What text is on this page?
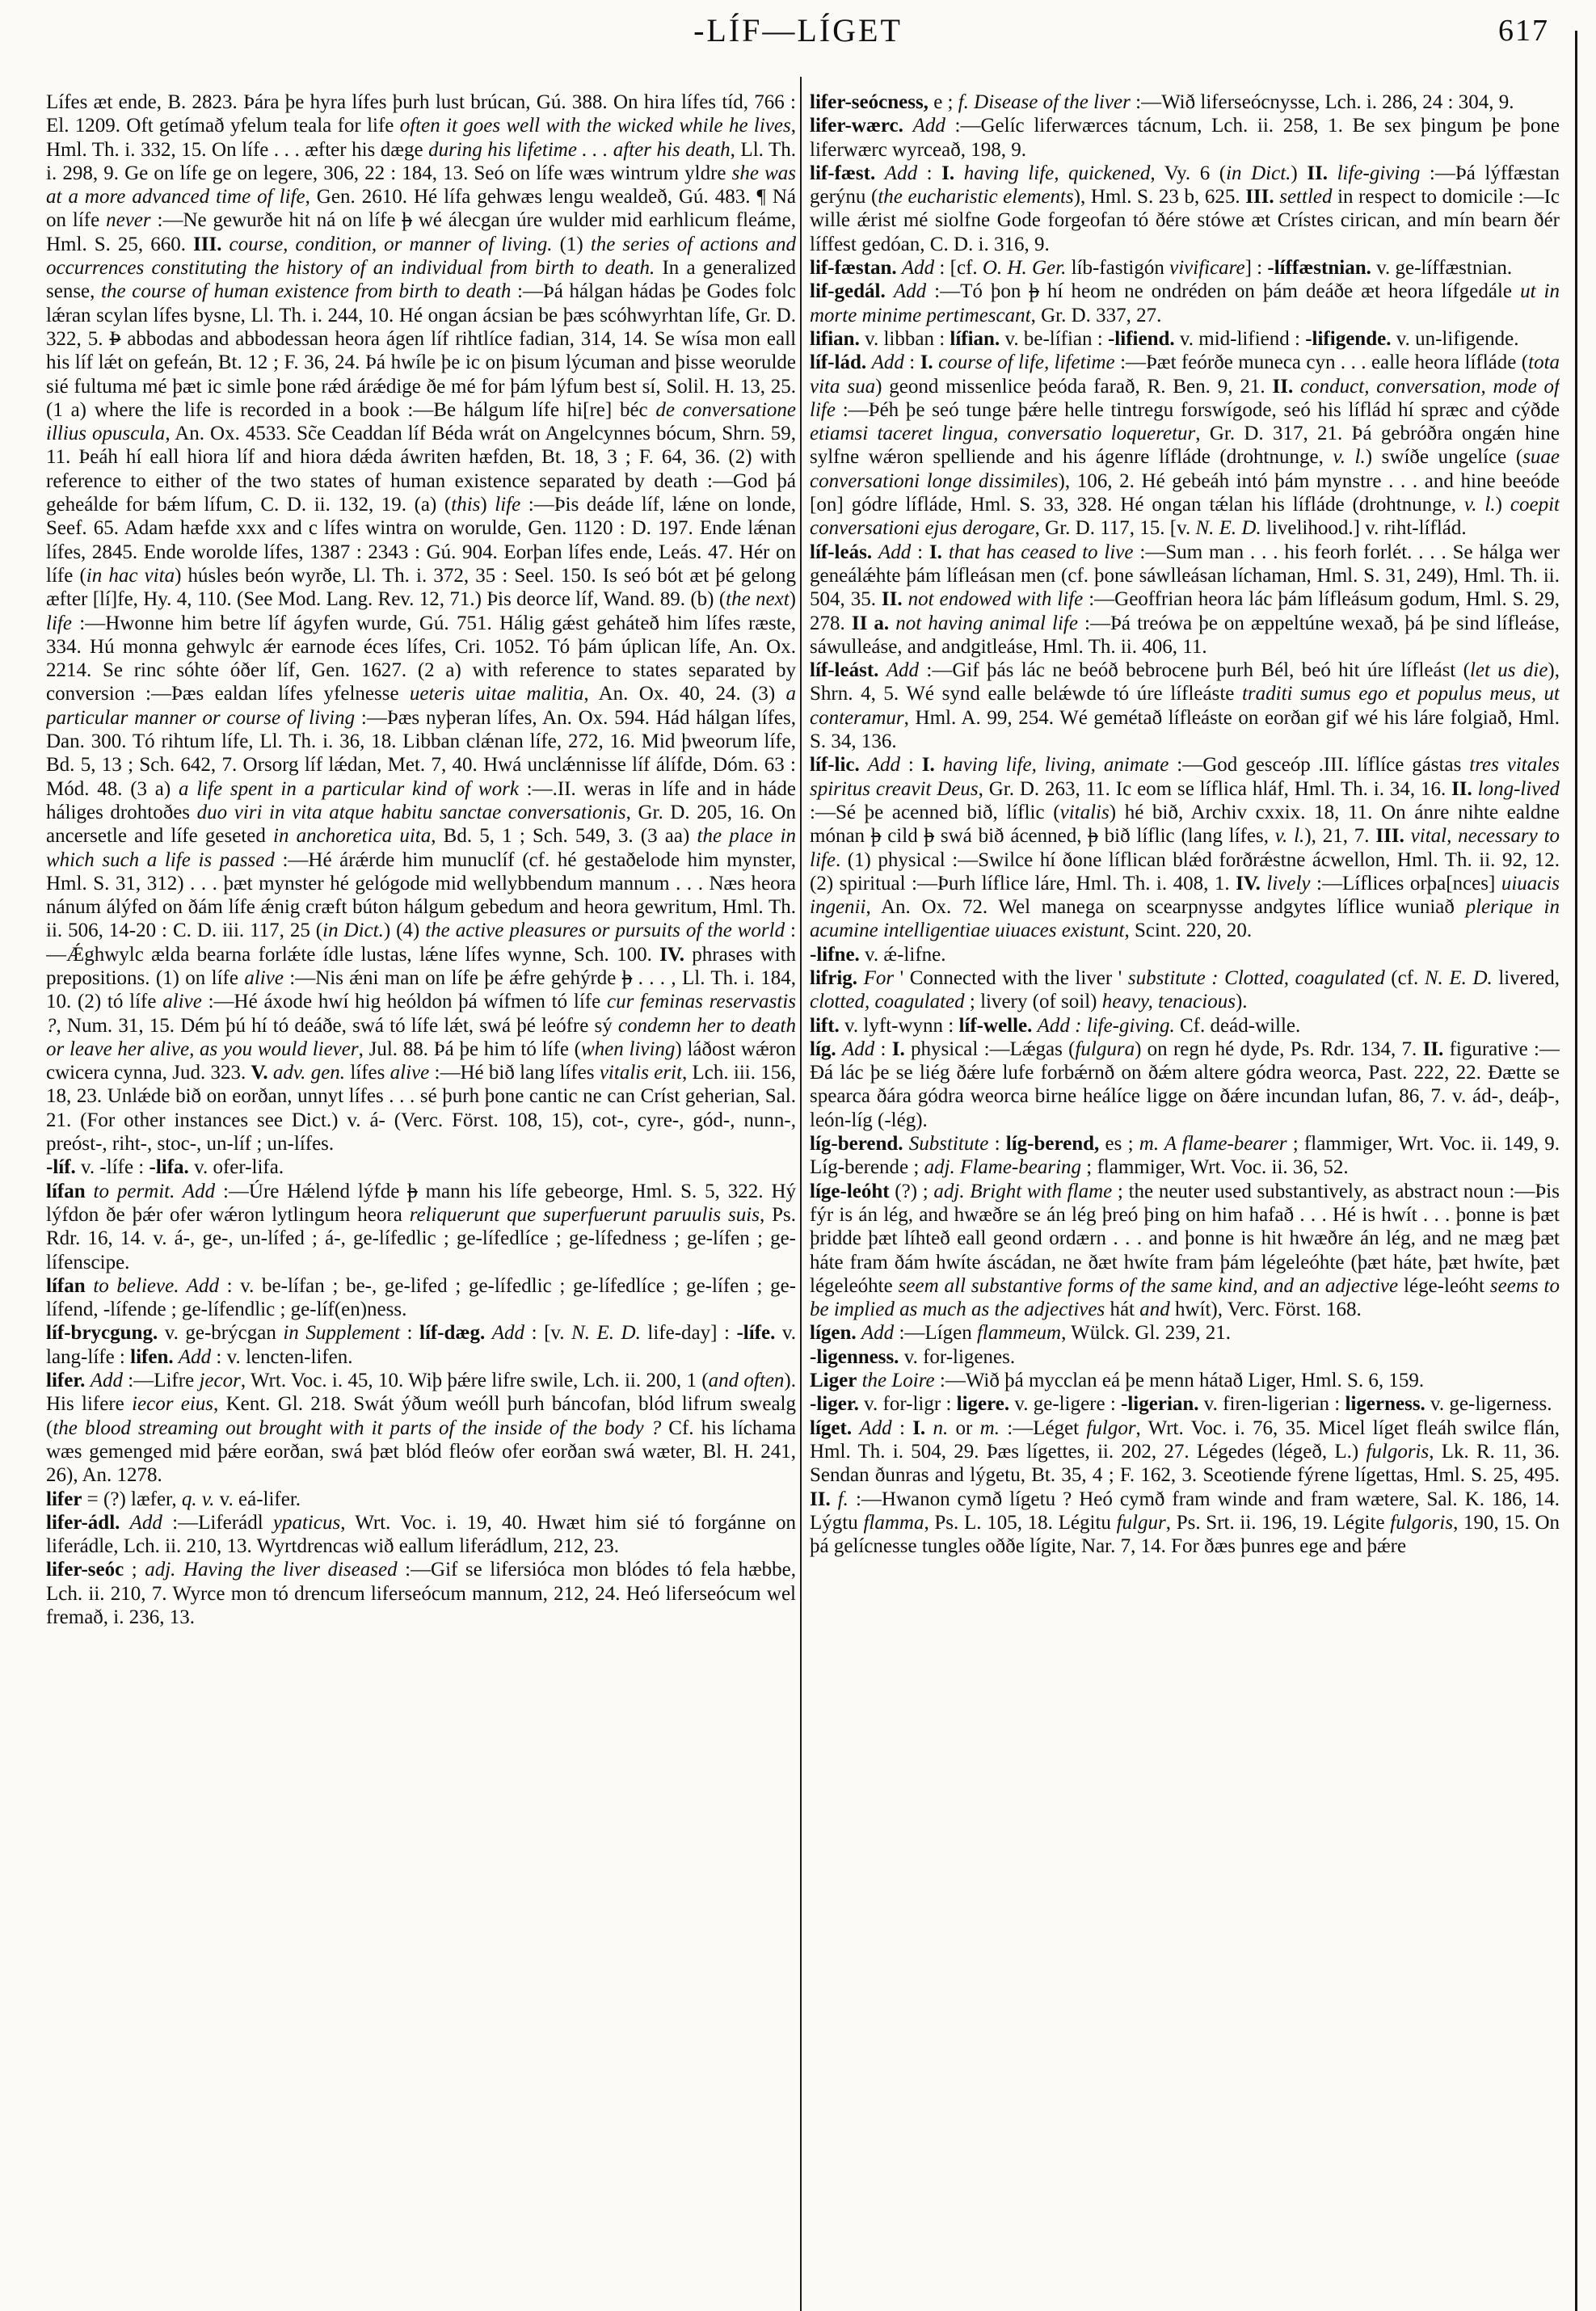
-LÍF—LÍGET	617

Lífes æt ende, B. 2823. Þára þe hyra lífes þurh lust brúcan, Gú. 388. On hira lífes tíd, 766 : El. 1209. Oft getímað yfelum teala for life often it goes well with the wicked while he lives, Hml. Th. i. 332, 15. On lífe . . . æfter his dæge during his lifetime . . . after his death, Ll. Th. i. 298, 9. Ge on lífe ge on legere, 306, 22 : 184, 13. Seó on lífe wæs wintrum yldre she was at a more advanced time of life, Gen. 2610. Hé lífa gehwæs lengu wealdeð, Gú. 483. ¶ Ná on lífe never :—Ne gewurðe hit ná on lífe þ wé álecgan úre wulder mid earhlicum fleáme, Hml. S. 25, 660. III. course, condition, or manner of living. (1) the series of actions and occurrences constituting the history of an individual from birth to death. In a generalized sense, the course of human existence from birth to death :—Þá hálgan hádas þe Godes folc lǽran scylan lífes bysne, Ll. Th. i. 244, 10. Hé ongan ácsian be þæs scóhwyrhtan lífe, Gr. D. 322, 5. Þ abbodas and abbodessan heora ágen líf rihtlíce fadian, 314, 14. Se wísa mon eall his líf lǽt on gefeán, Bt. 12 ; F. 36, 24. Þá hwíle þe ic on þisum lýcuman and þisse weorulde sié fultuma mé þæt ic simle þone rǽd árǽdige ðe mé for þám lýfum best sí, Solil. H. 13, 25. (1 a) where the life is recorded in a book :—Be hálgum lífe hi[re] béc de conversatione illius opuscula, An. Ox. 4533. Sc̃e Ceaddan líf Béda wrát on Angelcynnes bócum, Shrn. 59, 11. Þeáh hí eall hiora líf and hiora dǽda áwriten hæfden, Bt. 18, 3 ; F. 64, 36. (2) with reference to either of the two states of human existence separated by death :—God þá geheálde for bǽm lífum, C. D. ii. 132, 19. (a) (this) life :—Þis deáde líf, lǽne on londe, Seef. 65. Adam hæfde xxx and c lífes wintra on worulde, Gen. 1120 : D. 197. Ende lǽnan lífes, 2845. Ende worolde lífes, 1387 : 2343 : Gú. 904. Eorþan lífes ende, Leás. 47. Hér on lífe (in hac vita) húsles beón wyrðe, Ll. Th. i. 372, 35 : Seel. 150. Is seó bót æt þé gelong æfter [lí]fe, Hy. 4, 110. (See Mod. Lang. Rev. 12, 71.) Þis deorce líf, Wand. 89. (b) (the next) life :—Hwonne him betre líf ágyfen wurde, Gú. 751. Hálig gǽst geháteð him lífes ræste, 334. Hú monna gehwylc ǽr earnode éces lífes, Cri. 1052. Tó þám úplican lífe, An. Ox. 2214. Se rinc sóhte óðer líf, Gen. 1627. (2 a) with reference to states separated by conversion :—Þæs ealdan lífes yfelnesse ueteris uitae malitia, An. Ox. 40, 24. (3) a particular manner or course of living :—Þæs nyþeran lífes, An. Ox. 594. Hád hálgan lífes, Dan. 300. Tó rihtum lífe, Ll. Th. i. 36, 18. Libban clǽnan lífe, 272, 16. Mid þweorum lífe, Bd. 5, 13 ; Sch. 642, 7. Orsorg líf lǽdan, Met. 7, 40. Hwá unclǽnnisse líf álífde, Dóm. 63 : Mód. 48. (3 a) a life spent in a particular kind of work :—.II. weras in lífe and in háde háliges drohtoðes duo viri in vita atque habitu sanctae conversationis, Gr. D. 205, 16. On ancersetle and lífe geseted in anchoretica uita, Bd. 5, 1 ; Sch. 549, 3. (3 aa) the place in which such a life is passed :—Hé árǽrde him munuclíf (cf. hé gestaðelode him mynster, Hml. S. 31, 312) . . . þæt mynster hé gelógode mid wellybbendum mannum . . . Næs heora nánum álýfed on ðám lífe ǽnig cræft búton hálgum gebedum and heora gewritum, Hml. Th. ii. 506, 14-20 : C. D. iii. 117, 25 (in Dict.) (4) the active pleasures or pursuits of the world :—Ǽghwylc ælda bearna forlǽte ídle lustas, lǽne lífes wynne, Sch. 100. IV. phrases with prepositions. (1) on lífe alive :—Nis ǽni man on lífe þe ǽfre gehýrde þ . . . , Ll. Th. i. 184, 10. (2) tó lífe alive :—Hé áxode hwí hig heóldon þá wífmen tó lífe cur feminas reservastis ?, Num. 31, 15. Dém þú hí tó deáðe, swá tó lífe lǽt, swá þé leófre sý condemn her to death or leave her alive, as you would liever, Jul. 88. Þá þe him tó lífe (when living) láðost wǽron cwicera cynna, Jud. 323. V. adv. gen. lífes alive :—Hé bið lang lífes vitalis erit, Lch. iii. 156, 18, 23. Unlǽde bið on eorðan, unnyt lífes . . . sé þurh þone cantic ne can Críst geherian, Sal. 21. (For other instances see Dict.) v. á- (Verc. Först. 108, 15), cot-, cyre-, gód-, nunn-, preóst-, riht-, stoc-, un-líf ; un-lífes.

-líf. v. -lífe : -lifa. v. ofer-lifa.

lífan to permit. Add :—Úre Hǽlend lýfde þ mann his lífe gebeorge, Hml. S. 5, 322. Hý lýfdon ðe þǽr ofer wǽron lytlingum heora reliquerunt que superfuerunt paruulis suis, Ps. Rdr. 16, 14. v. á-, ge-, un-lífed ; á-, ge-lífedlic ; ge-lífedlíce ; ge-lífedness ; ge-lífen ; ge-lífenscipe.

lífan to believe. Add : v. be-lífan ; be-, ge-lifed ; ge-lífedlic ; ge-lífedlíce ; ge-lífen ; ge-lífend, -lífende ; ge-lífendlic ; ge-líf(en)ness.

líf-brycgung. v. ge-brýcgan in Supplement : líf-dæg. Add : [v. N. E. D. life-day] : -lífe. v. lang-lífe : lifen. Add : v. lencten-lifen.

lifer. Add :—Lifre jecor, Wrt. Voc. i. 45, 10. Wiþ þǽre lifre swile, Lch. ii. 200, 1 (and often). His lifere iecor eius, Kent. Gl. 218. Swát ýðum weóll þurh báncofan, blód lifrum swealg (the blood streaming out brought with it parts of the inside of the body ? Cf. his líchama wæs gemenged mid þǽre eorðan, swá þæt blód fleów ofer eorðan swá wæter, Bl. H. 241, 26), An. 1278.

lifer = (?) læfer, q. v. v. eá-lifer.

lifer-ádl. Add :—Liferádl ypaticus, Wrt. Voc. i. 19, 40. Hwæt him sié tó forgánne on liferádle, Lch. ii. 210, 13. Wyrtdrencas wið eallum liferádlum, 212, 23.

lifer-seóc ; adj. Having the liver diseased :—Gif se lifersióca mon blódes tó fela hæbbe, Lch. ii. 210, 7. Wyrce mon tó drencum liferseócum mannum, 212, 24. Heó liferseócum wel fremað, i. 236, 13.

lifer-seócness, e ; f. Disease of the liver :—Wið liferseócnysse, Lch. i. 286, 24 : 304, 9.

lifer-wærc. Add :—Gelíc liferwærces tácnum, Lch. ii. 258, 1. Be sex þingum þe þone liferwærc wyrceað, 198, 9.

lif-fæst. Add : I. having life, quickened, Vy. 6 (in Dict.) II. life-giving :—Þá lýffæstan gerýnu (the eucharistic elements), Hml. S. 23 b, 625. III. settled in respect to domicile :—Ic wille ǽrist mé siolfne Gode forgeofan tó ðére stówe æt Crístes cirican, and mín bearn ðér líffest gedóan, C. D. i. 316, 9.

lif-fæstan. Add : [cf. O. H. Ger. líb-fastigón vivificare] : -líffæstnian. v. ge-líffæstnian.

lif-gedál. Add :—Tó þon þ hí heom ne ondréden on þám deáðe æt heora lífgedále ut in morte minime pertimescant, Gr. D. 337, 27.

lifian. v. libban : lífian. v. be-lífian : -lifiend. v. mid-lifiend : -lifigende. v. un-lifigende.

líf-lád. Add : I. course of life, lifetime :—Þæt feórðe muneca cyn . . . ealle heora lífláde (tota vita sua) geond missenlice þeóda farað, R. Ben. 9, 21. II. conduct, conversation, mode of life :—Þéh þe seó tunge þǽre helle tintregu forswígode, seó his líflád hí spræc and cýðde etiamsi taceret lingua, conversatio loqueretur, Gr. D. 317, 21. Þá gebróðra ongǽn hine sylfne wǽron spelliende and his ágenre lífláde (drohtnunge, v. l.) swíðe ungelíce (suae conversationi longe dissimiles), 106, 2. Hé gebeáh intó þám mynstre . . . and hine beeóde [on] gódre lífláde, Hml. S. 33, 328. Hé ongan tǽlan his lífláde (drohtnunge, v. l.) coepit conversationi ejus derogare, Gr. D. 117, 15. [v. N. E. D. livelihood.] v. riht-líflád.

líf-leás. Add : I. that has ceased to live :—Sum man . . . his feorh forlét. . . . Se hálga wer geneálǽhte þám lífleásan men (cf. þone sáwlleásan líchaman, Hml. S. 31, 249), Hml. Th. ii. 504, 35. II. not endowed with life :—Geoffrian heora lác þám lífleásum godum, Hml. S. 29, 278. II a. not having animal life :—Þá treówa þe on æppeltúne wexað, þá þe sind lífleáse, sáwulleáse, and andgitleáse, Hml. Th. ii. 406, 11.

líf-leást. Add :—Gif þás lác ne beóð bebrocene þurh Bél, beó hit úre lífleást (let us die), Shrn. 4, 5. Wé synd ealle belǽwde tó úre lífleáste traditi sumus ego et populus meus, ut conteramur, Hml. A. 99, 254. Wé gemétað lífleáste on eorðan gif wé his láre folgiað, Hml. S. 34, 136.

líf-lic. Add : I. having life, living, animate :—God gesceóp .III. líflíce gástas tres vitales spiritus creavit Deus, Gr. D. 263, 11. Ic eom se líflica hláf, Hml. Th. i. 34, 16. II. long-lived :—Sé þe acenned bið, líflic (vitalis) hé bið, Archiv cxxix. 18, 11. On ánre nihte ealdne mónan þ cild þ swá bið ácenned, þ bið líflic (lang lífes, v. l.), 21, 7. III. vital, necessary to life. (1) physical :—Swilce hí ðone líflican blǽd forðrǽstne ácwellon, Hml. Th. ii. 92, 12. (2) spiritual :—Þurh líflice láre, Hml. Th. i. 408, 1. IV. lively :—Líflices orþa[nces] uiuacis ingenii, An. Ox. 72. Wel manega on scearpnysse andgytes líflice wuniað plerique in acumine intelligentiae uiuaces existunt, Scint. 220, 20.

-lifne. v. ǽ-lifne.

lifrig. For ' Connected with the liver ' substitute : Clotted, coagulated (cf. N. E. D. livered, clotted, coagulated ; livery (of soil) heavy, tenacious).

lift. v. lyft-wynn : líf-welle. Add : life-giving. Cf. deád-wille.

líg. Add : I. physical :—Lǽgas (fulgura) on regn hé dyde, Ps. Rdr. 134, 7. II. figurative :—Ðá lác þe se liég ðǽre lufe forbǽrnð on ðǽm altere gódra weorca, Past. 222, 22. Ðætte se spearca ðára gódra weorca birne heálíce ligge on ðǽre incundan lufan, 86, 7. v. ád-, deáþ-, león-líg (-lég).

líg-berend. Substitute : líg-berend, es ; m. A flame-bearer ; flammiger, Wrt. Voc. ii. 149, 9. Líg-berende ; adj. Flame-bearing ; flammiger, Wrt. Voc. ii. 36, 52.

líge-leóht (?) ; adj. Bright with flame ; the neuter used substantively, as abstract noun :—Þis fýr is án lég, and hwæðre se án lég þreó þing on him hafað . . . Hé is hwít . . . þonne is þæt þridde þæt líhteð eall geond ordærn . . . and þonne is hit hwæðre án lég, and ne mæg þæt háte fram ðám hwíte áscádan, ne ðæt hwíte fram þám légeleóhte (þæt háte, þæt hwíte, þæt légeleóhte seem all substantive forms of the same kind, and an adjective lége-leóht seems to be implied as much as the adjectives hát and hwít), Verc. Först. 168.

lígen. Add :—Lígen flammeum, Wülck. Gl. 239, 21.

-ligenness. v. for-ligenes.

Liger the Loire :—Wið þá mycclan eá þe menn hátað Liger, Hml. S. 6, 159.

-liger. v. for-ligr : ligere. v. ge-ligere : -ligerian. v. firen-ligerian : ligerness. v. ge-ligerness.

líget. Add : I. n. or m. :—Léget fulgor, Wrt. Voc. i. 76, 35. Micel líget fleáh swilce flán, Hml. Th. i. 504, 29. Þæs lígettes, ii. 202, 27. Légedes (légeð, L.) fulgoris, Lk. R. 11, 36. Sendan ðunras and lýgetu, Bt. 35, 4 ; F. 162, 3. Sceotiende fýrene lígettas, Hml. S. 25, 495. II. f. :—Hwanon cymð lígetu ? Heó cymð fram winde and fram wætere, Sal. K. 186, 14. Lýgtu flamma, Ps. L. 105, 18. Légitu fulgur, Ps. Srt. ii. 196, 19. Légite fulgoris, 190, 15. On þá gelícnesse tungles oððe lígite, Nar. 7, 14. For ðæs þunres ege and þǽre
